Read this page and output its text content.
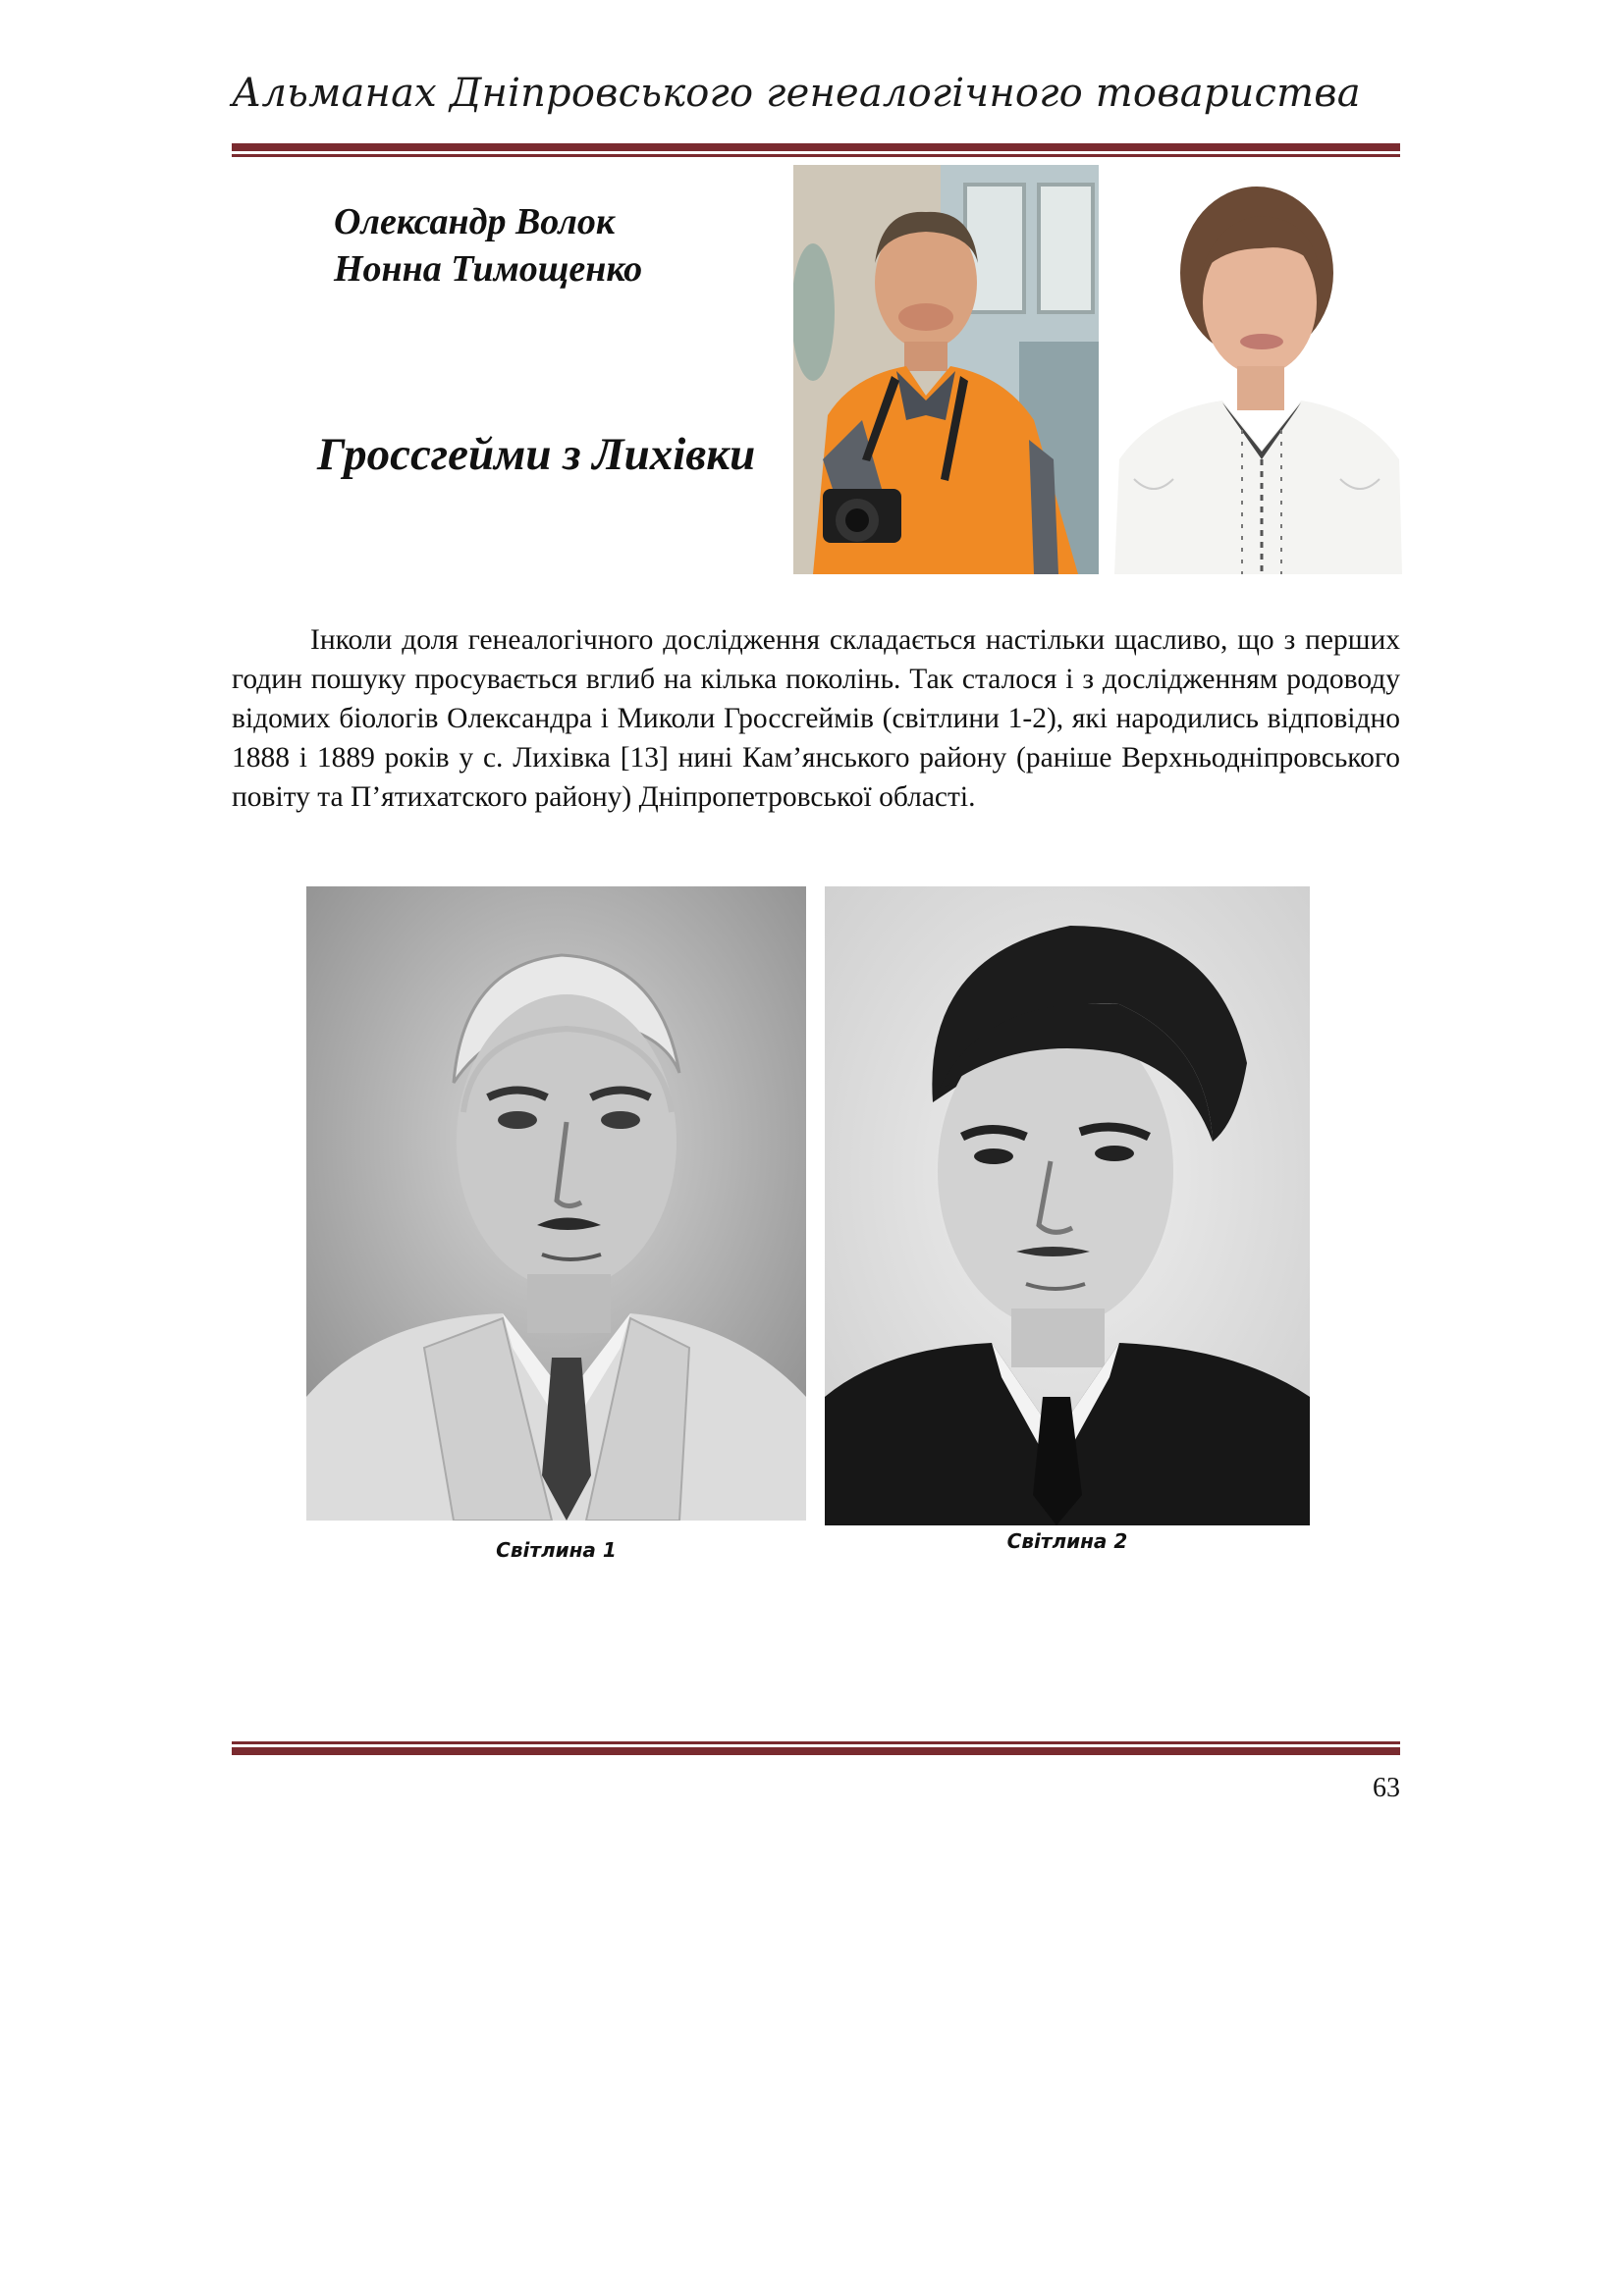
Альманах Дніпровського генеалогічного товариства
Олександр Волок
Нонна Тимощенко
Гроссгейми з Лихівки
Інколи доля генеалогічного дослідження складається настільки щасливо, що з перших годин пошуку просувається вглиб на кілька поколінь. Так сталося і з дослідженням родоводу відомих біологів Олександра і Миколи Гроссгеймів (світлини 1-2), які народились відповідно 1888 і 1889 років у с. Лихівка [13] нині Кам’янського району (раніше Верхньодніпровського повіту та П’ятихатского району) Дніпропетровської області.
Світлина 1	Світлина 2
63
